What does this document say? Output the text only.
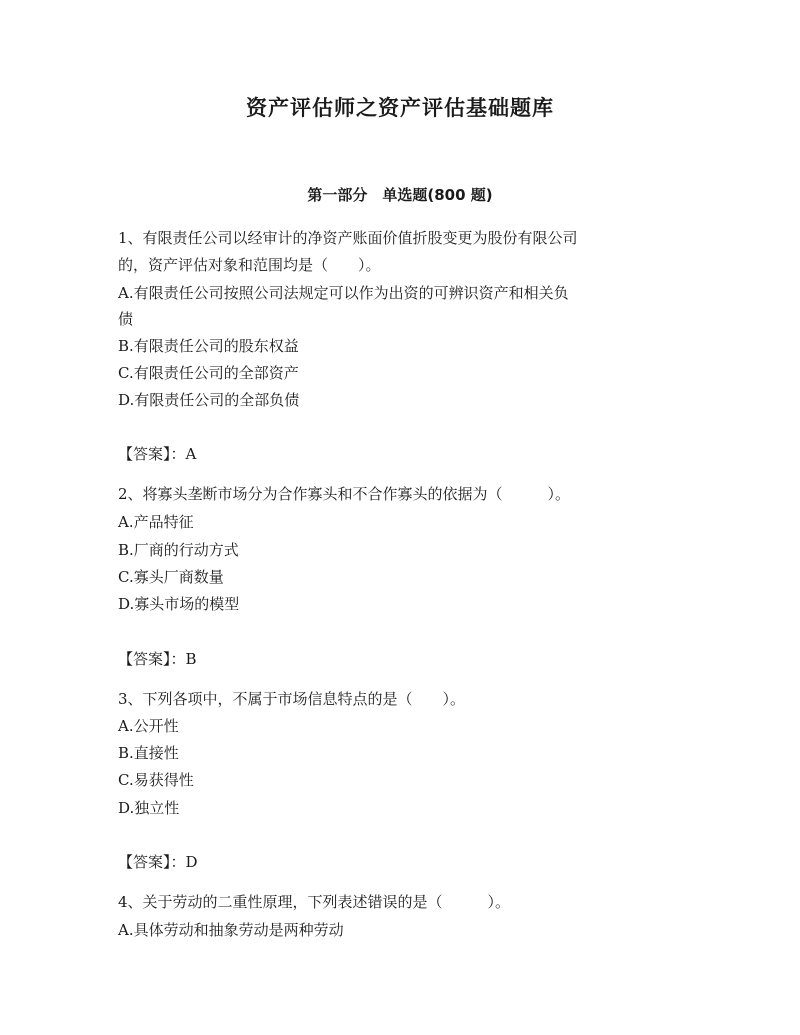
资产评估师之资产评估基础题库
第一部分　单选题(800 题)
1、有限责任公司以经审计的净资产账面价值折股变更为股份有限公司
的，资产评估对象和范围均是（　　）。
A.有限责任公司按照公司法规定可以作为出资的可辨识资产和相关负
债
B.有限责任公司的股东权益
C.有限责任公司的全部资产
D.有限责任公司的全部负债
【答案】：A
2、将寡头垄断市场分为合作寡头和不合作寡头的依据为（　　　）。
A.产品特征
B.厂商的行动方式
C.寡头厂商数量
D.寡头市场的模型
【答案】：B
3、下列各项中，不属于市场信息特点的是（　　）。
A.公开性
B.直接性
C.易获得性
D.独立性
【答案】：D
4、关于劳动的二重性原理，下列表述错误的是（　　　）。
A.具体劳动和抽象劳动是两种劳动
